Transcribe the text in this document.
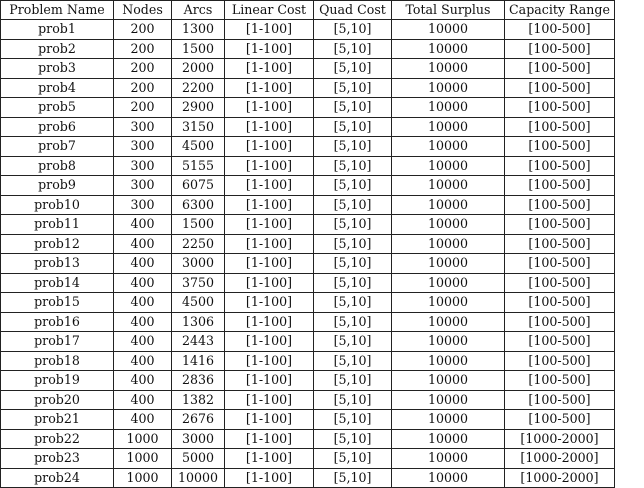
Problem Name	Nodes	Arcs	Linear Cost	Quad Cost	Total Surplus	Capacity Range
prob1	200	1300	[1-100]	[5,10]	10000	[100-500]
prob2	200	1500	[1-100]	[5,10]	10000	[100-500]
prob3	200	2000	[1-100]	[5,10]	10000	[100-500]
prob4	200	2200	[1-100]	[5,10]	10000	[100-500]
prob5	200	2900	[1-100]	[5,10]	10000	[100-500]
prob6	300	3150	[1-100]	[5,10]	10000	[100-500]
prob7	300	4500	[1-100]	[5,10]	10000	[100-500]
prob8	300	5155	[1-100]	[5,10]	10000	[100-500]
prob9	300	6075	[1-100]	[5,10]	10000	[100-500]
prob10	300	6300	[1-100]	[5,10]	10000	[100-500]
prob11	400	1500	[1-100]	[5,10]	10000	[100-500]
prob12	400	2250	[1-100]	[5,10]	10000	[100-500]
prob13	400	3000	[1-100]	[5,10]	10000	[100-500]
prob14	400	3750	[1-100]	[5,10]	10000	[100-500]
prob15	400	4500	[1-100]	[5,10]	10000	[100-500]
prob16	400	1306	[1-100]	[5,10]	10000	[100-500]
prob17	400	2443	[1-100]	[5,10]	10000	[100-500]
prob18	400	1416	[1-100]	[5,10]	10000	[100-500]
prob19	400	2836	[1-100]	[5,10]	10000	[100-500]
prob20	400	1382	[1-100]	[5,10]	10000	[100-500]
prob21	400	2676	[1-100]	[5,10]	10000	[100-500]
prob22	1000	3000	[1-100]	[5,10]	10000	[1000-2000]
prob23	1000	5000	[1-100]	[5,10]	10000	[1000-2000]
prob24	1000	10000	[1-100]	[5,10]	10000	[1000-2000]
